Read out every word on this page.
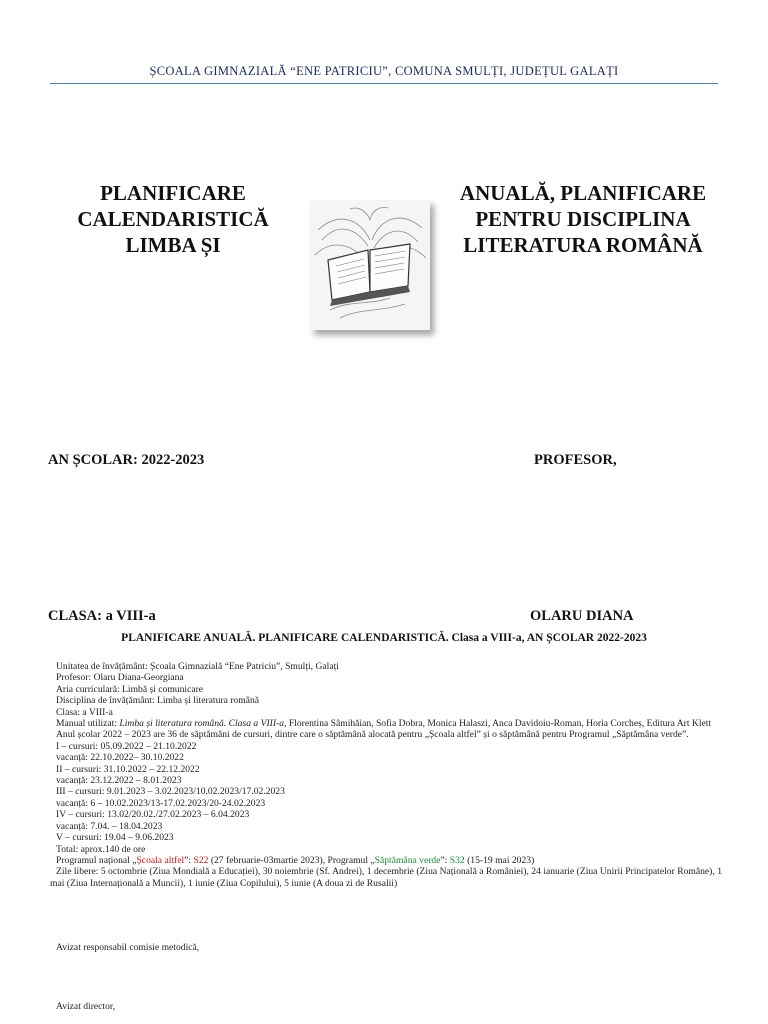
ȘCOALA GIMNAZIALĂ “ENE PATRICIU”, COMUNA SMULȚI, JUDEȚUL GALAȚI
PLANIFICARE
CALENDARISTICĂ
LIMBA ȘI
ANUALĂ, PLANIFICARE
PENTRU DISCIPLINA
LITERATURA ROMÂNĂ
AN ȘCOLAR: 2022-2023	PROFESOR,
CLASA: a VIII-a	OLARU DIANA
PLANIFICARE ANUALĂ. PLANIFICARE CALENDARISTICĂ. Clasa a VIII-a, AN ȘCOLAR 2022-2023

Unitatea de învățământ: Școala Gimnazială “Ene Patriciu”, Smulți, Galați

Profesor: Olaru Diana-Georgiana

Aria curriculară: Limbă și comunicare

Disciplina de învățământ: Limba și literatura română

Clasa: a VIII-a

Manual utilizat: Limba și literatura română. Clasa a VIII-a, Florentina Sâmihăian, Sofia Dobra, Monica Halaszi, Anca Davidoiu-Roman, Horia Corcheș, Editura Art Klett

Anul școlar 2022 – 2023 are 36 de săptămâni de cursuri, dintre care o săptămână alocată pentru „Școala altfel” și o săptămână pentru Programul „Săptămâna verde”.

I – cursuri: 05.09.2022 – 21.10.2022

vacanță: 22.10.2022– 30.10.2022

II – cursuri: 31.10.2022 – 22.12.2022

vacanță: 23.12.2022 – 8.01.2023

III – cursuri: 9.01.2023 – 3.02.2023/10.02.2023/17.02.2023

vacanță: 6 – 10.02.2023/13-17.02.2023/20-24.02.2023

IV – cursuri: 13.02/20.02./27.02.2023 – 6.04.2023

vacanță: 7.04. – 18.04.2023

V – cursuri: 19.04 – 9.06.2023

Total: aprox.140 de ore

Programul național „Școala altfel”: S22 (27 februarie-03martie 2023), Programul „Săptămâna verde”: S32 (15-19 mai 2023)

Zile libere: 5 octombrie (Ziua Mondială a Educației), 30 noiembrie (Sf. Andrei), 1 decembrie (Ziua Națională a României), 24 ianuarie (Ziua Unirii Principatelor Române), 1 mai (Ziua Internațională a Muncii), 1 iunie (Ziua Copilului), 5 iunie (A doua zi de Rusalii)

Avizat responsabil comisie metodică,
Avizat director,
